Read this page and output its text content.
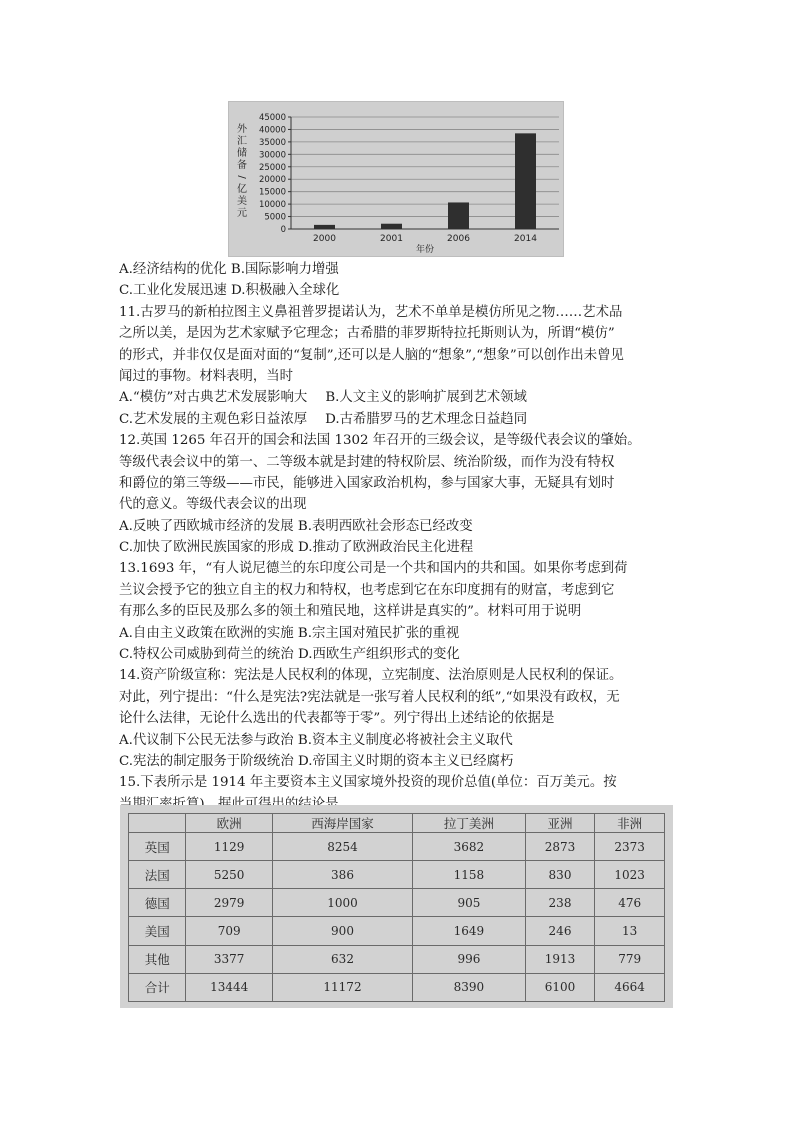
外
汇
储
备
/
亿
美
元
0
5000
10000
15000
20000
25000
30000
35000
40000
45000
2000	2001	2006	2014
年份
A.经济结构的优化 B.国际影响力增强
C.工业化发展迅速 D.积极融入全球化
11.古罗马的新柏拉图主义鼻祖普罗提诺认为，艺术不单单是模仿所见之物……艺术品
之所以美，是因为艺术家赋予它理念；古希腊的菲罗斯特拉托斯则认为，所谓“模仿”
的形式，并非仅仅是面对面的“复制”,还可以是人脑的“想象”,“想象”可以创作出未曾见
闻过的事物。材料表明，当时
A.“模仿”对古典艺术发展影响大 B.人文主义的影响扩展到艺术领域
C.艺术发展的主观色彩日益浓厚 D.古希腊罗马的艺术理念日益趋同
12.英国 1265 年召开的国会和法国 1302 年召开的三级会议，是等级代表会议的肇始。
等级代表会议中的第一、二等级本就是封建的特权阶层、统治阶级，而作为没有特权
和爵位的第三等级——市民，能够进入国家政治机构，参与国家大事，无疑具有划时
代的意义。等级代表会议的出现
A.反映了西欧城市经济的发展 B.表明西欧社会形态已经改变
C.加快了欧洲民族国家的形成 D.推动了欧洲政治民主化进程
13.1693 年，“有人说尼德兰的东印度公司是一个共和国内的共和国。如果你考虑到荷
兰议会授予它的独立自主的权力和特权，也考虑到它在东印度拥有的财富，考虑到它
有那么多的臣民及那么多的领土和殖民地，这样讲是真实的”。材料可用于说明
A.自由主义政策在欧洲的实施 B.宗主国对殖民扩张的重视
C.特权公司威胁到荷兰的统治 D.西欧生产组织形式的变化
14.资产阶级宣称：宪法是人民权利的体现，立宪制度、法治原则是人民权利的保证。
对此，列宁提出：“什么是宪法?宪法就是一张写着人民权利的纸”,“如果没有政权，无
论什么法律，无论什么选出的代表都等于零”。列宁得出上述结论的依据是
A.代议制下公民无法参与政治 B.资本主义制度必将被社会主义取代
C.宪法的制定服务于阶级统治 D.帝国主义时期的资本主义已经腐朽
15.下表所示是 1914 年主要资本主义国家境外投资的现价总值(单位：百万美元。按
	欧洲	西海岸国家	拉丁美洲	亚洲	非洲
英国	1129	8254	3682	2873	2373
法国	5250	386	1158	830	1023
德国	2979	1000	905	238	476
美国	709	900	1649	246	13
其他	3377	632	996	1913	779
合计	13444	11172	8390	6100	4664
